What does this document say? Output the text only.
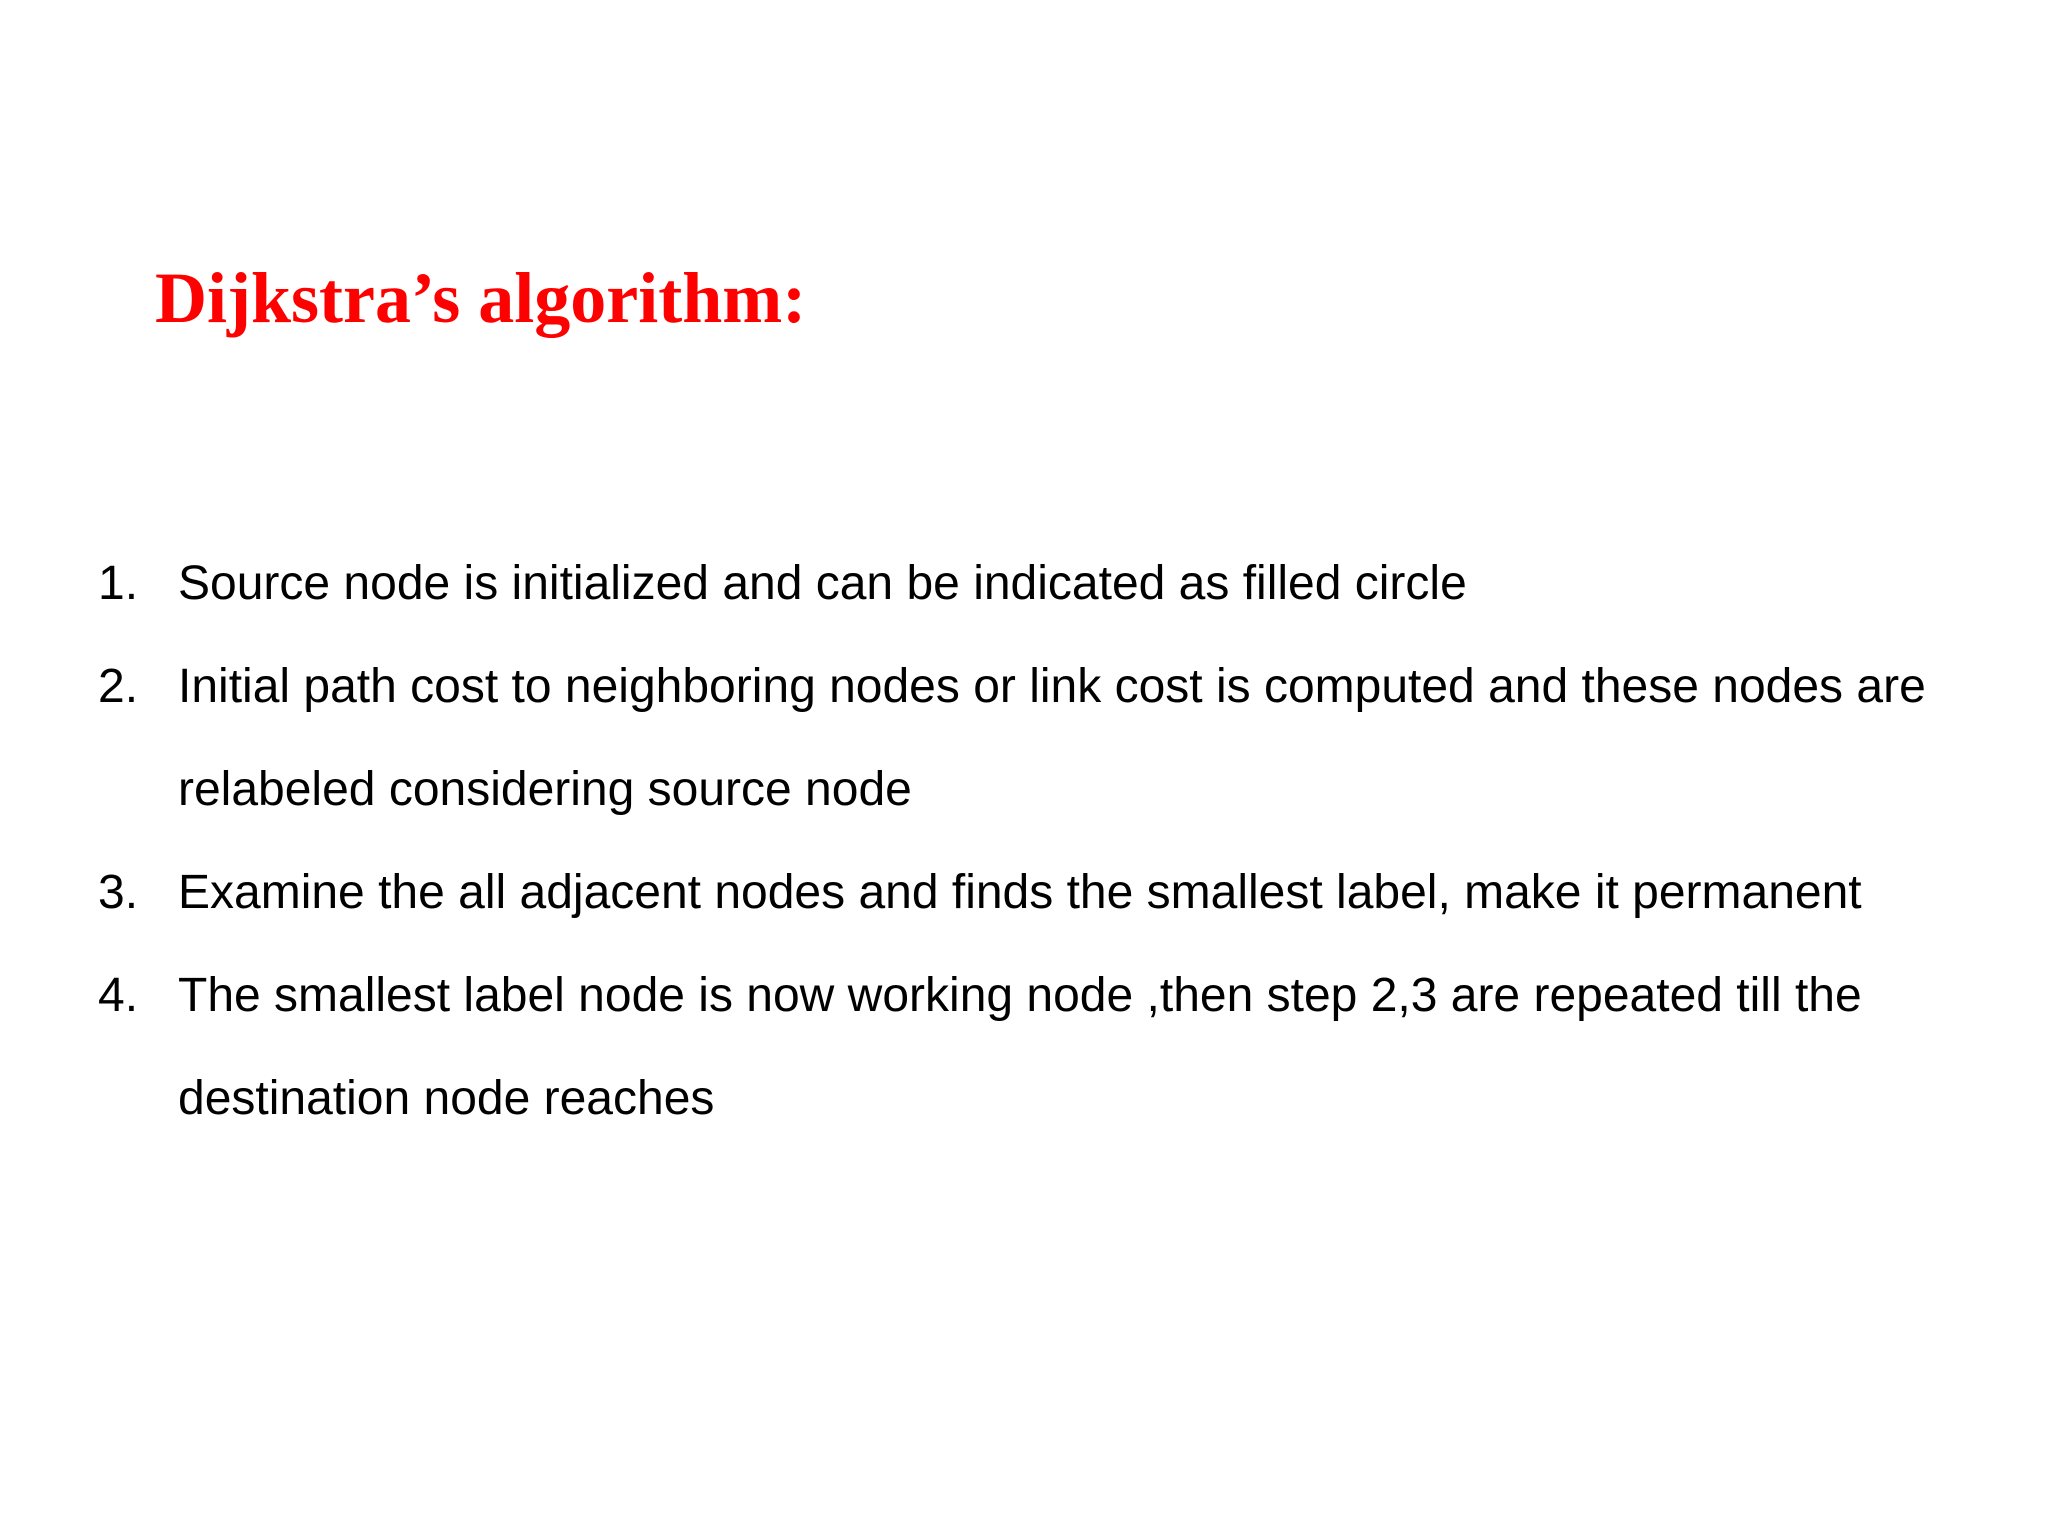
Dijkstra’s algorithm:
1. Source node is initialized and can be indicated as filled circle
2. Initial path cost to neighboring nodes or link cost is computed and these nodes are relabeled considering source node
3. Examine the all adjacent nodes and finds the smallest label, make it permanent
4. The smallest label node is now working node ,then step 2,3 are repeated till the destination node reaches
